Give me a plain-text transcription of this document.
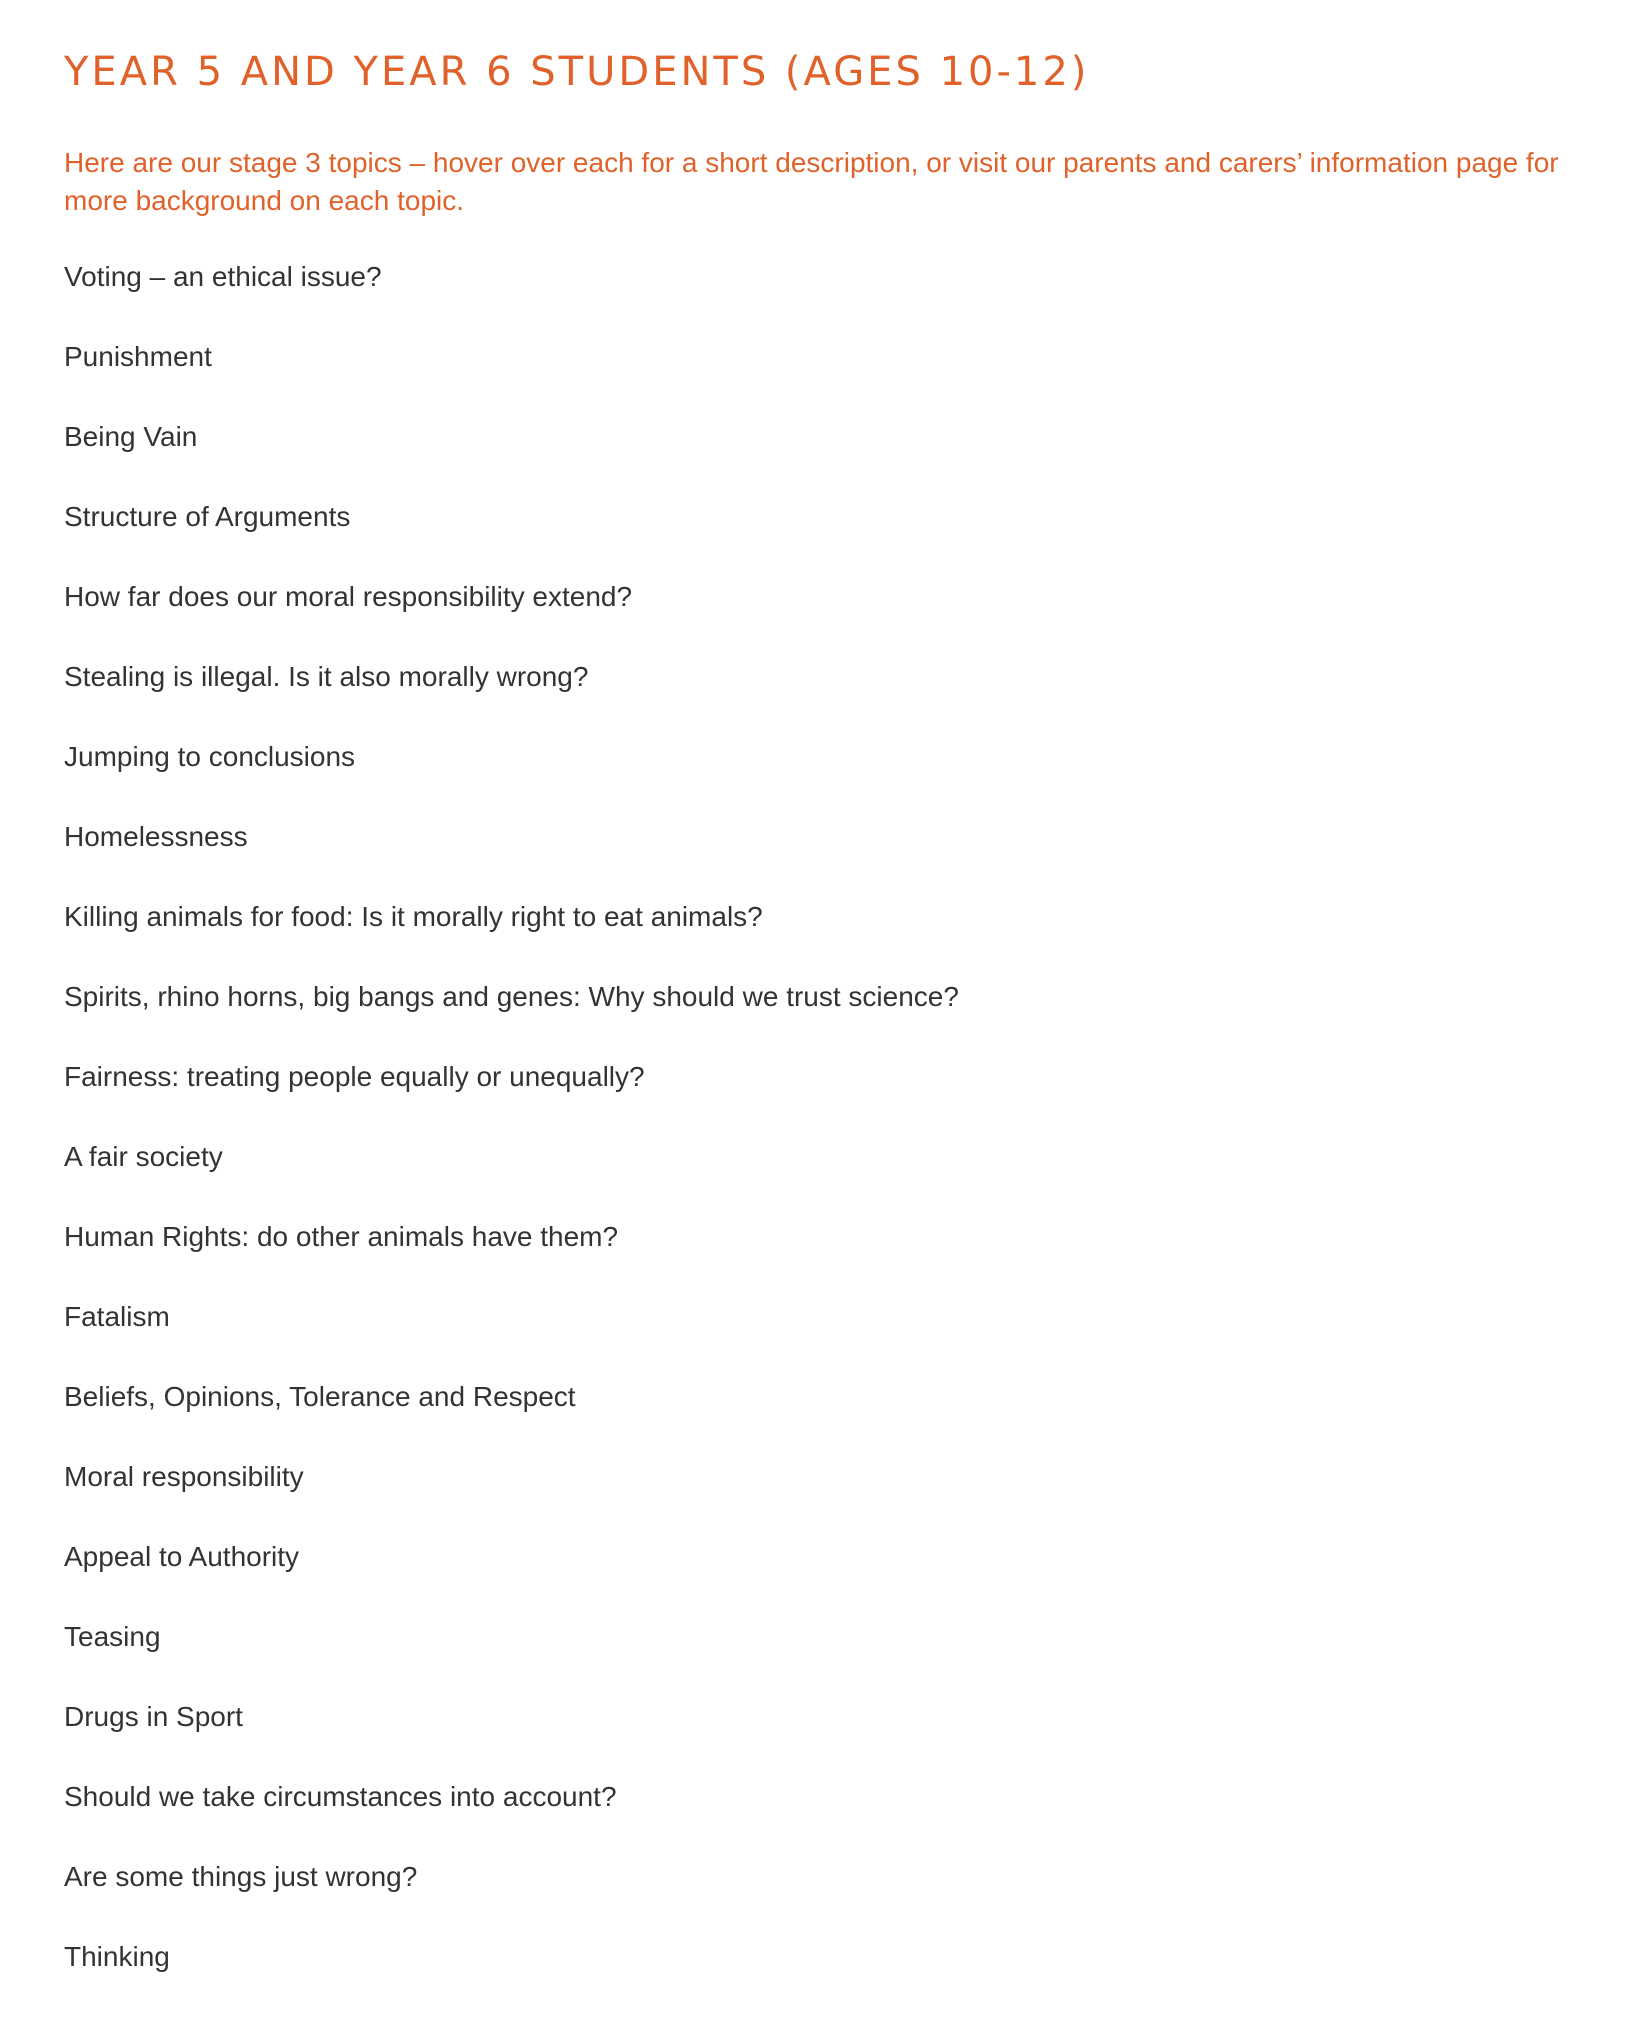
YEAR 5 AND YEAR 6 STUDENTS (AGES 10-12)

Here are our stage 3 topics – hover over each for a short description, or visit our parents and carers’ information page for more background on each topic.

Voting – an ethical issue?
Punishment
Being Vain
Structure of Arguments
How far does our moral responsibility extend?
Stealing is illegal. Is it also morally wrong?
Jumping to conclusions
Homelessness
Killing animals for food: Is it morally right to eat animals?
Spirits, rhino horns, big bangs and genes: Why should we trust science?
Fairness: treating people equally or unequally?
A fair society
Human Rights: do other animals have them?
Fatalism
Beliefs, Opinions, Tolerance and Respect
Moral responsibility
Appeal to Authority
Teasing
Drugs in Sport
Should we take circumstances into account?
Are some things just wrong?
Thinking
